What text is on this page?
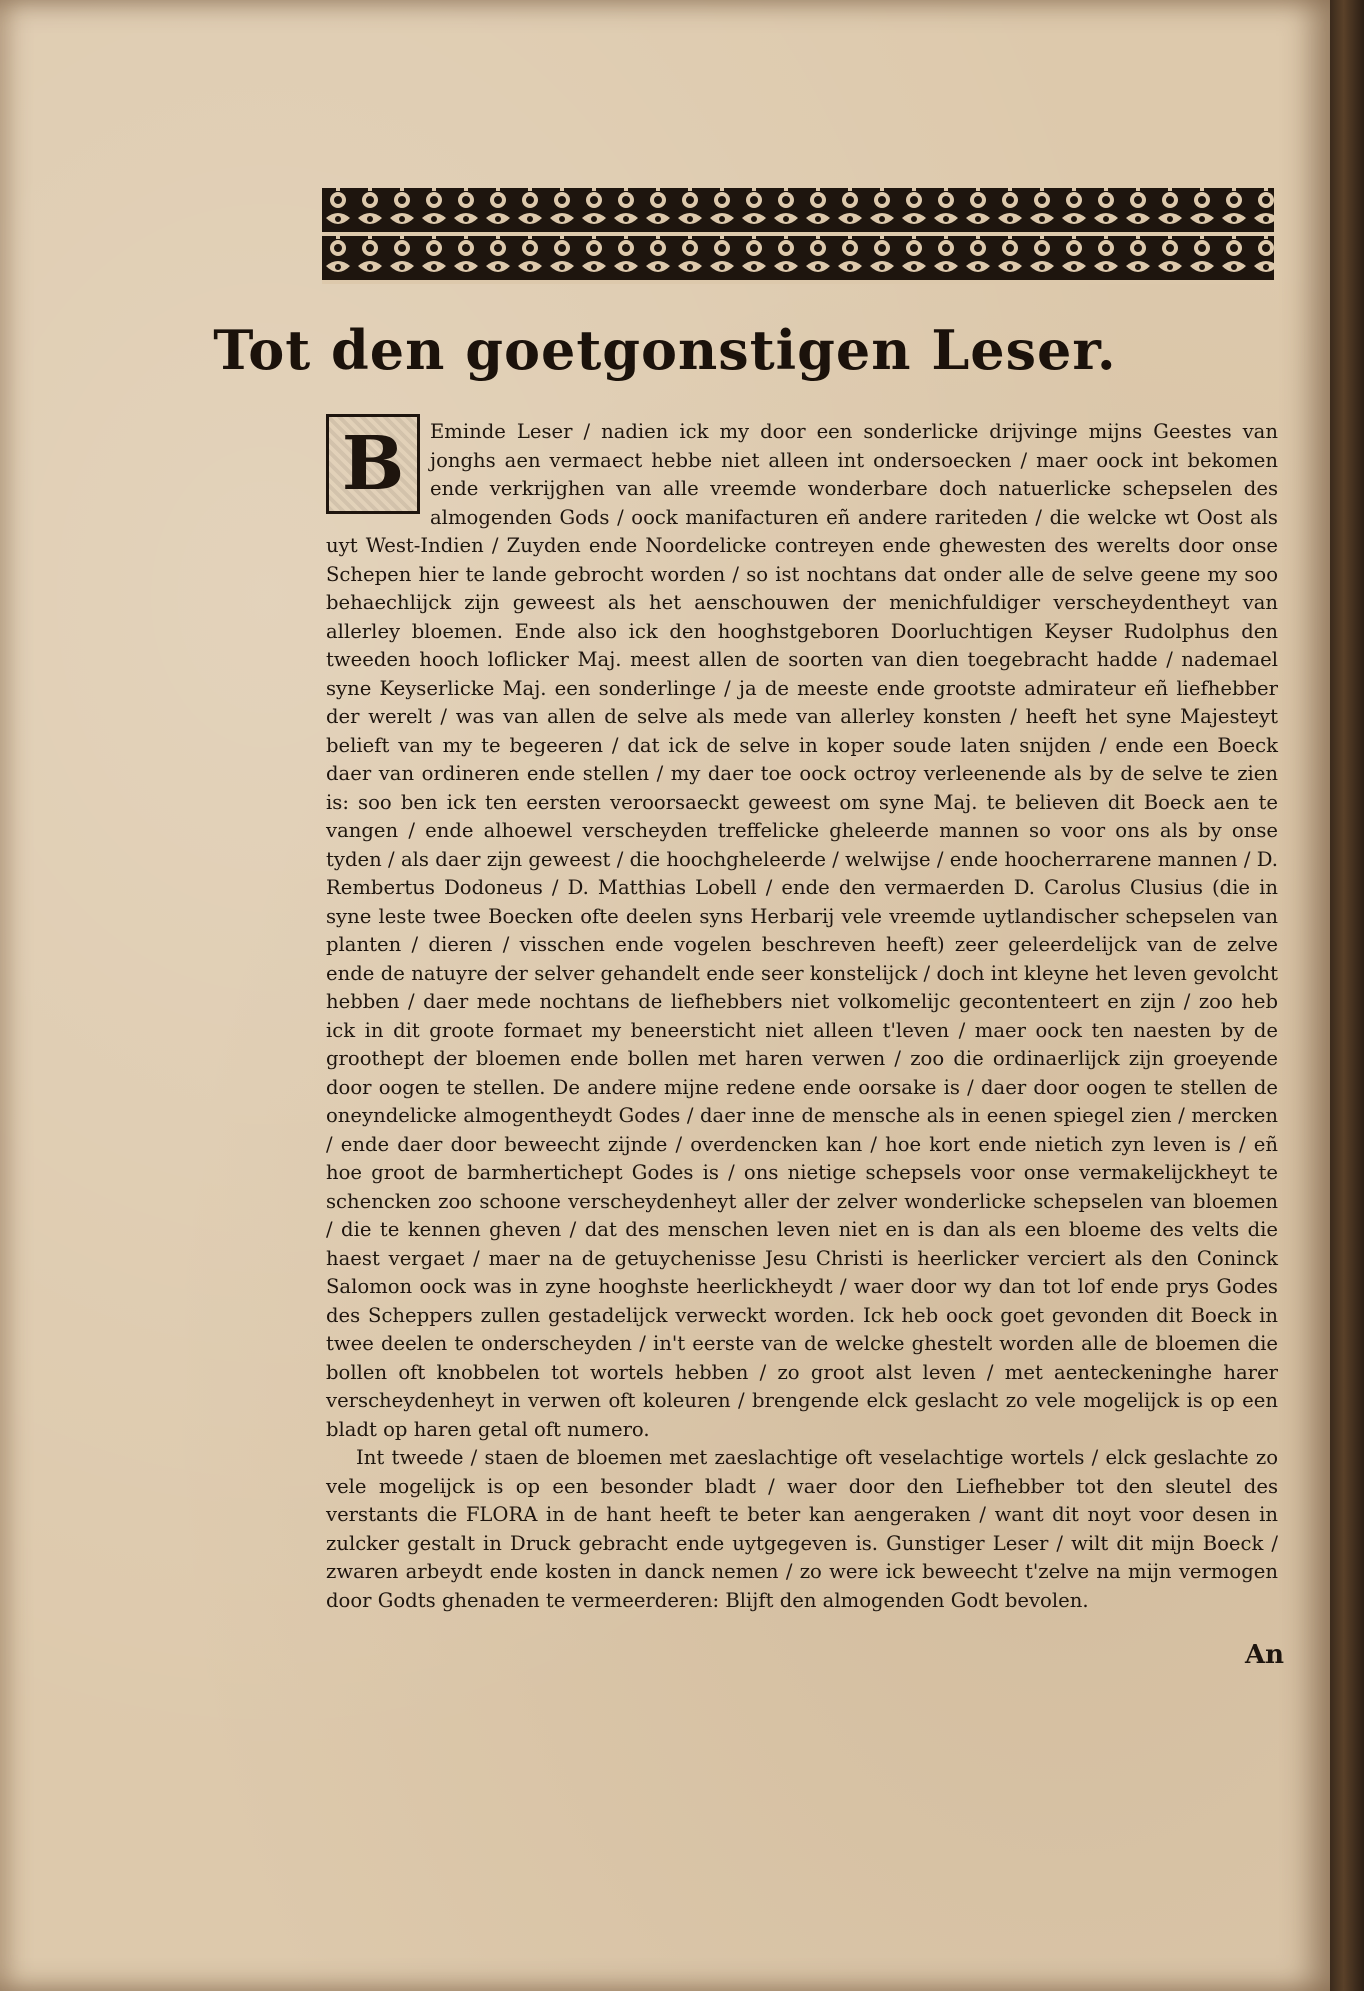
Tot den goetgonstigen Leser.

B	Eminde Leser / nadien ick my door een sonderlicke drijvinge mijns Geestes van jonghs aen vermaect hebbe niet alleen int ondersoecken / maer oock int bekomen ende verkrijghen van alle vreemde wonderbare doch natuerlicke schepselen des almogenden Gods / oock manifacturen eñ andere rariteden / die welcke wt Oost als uyt West-Indien / Zuyden ende Noordelicke contreyen ende ghewesten des werelts door onse Schepen hier te lande gebrocht worden / so ist nochtans dat onder alle de selve geene my soo behaechlijck zijn geweest als het aenschouwen der menichfuldiger verscheydentheyt van allerley bloemen. Ende also ick den hooghstgeboren Doorluchtigen Keyser Rudolphus den tweeden hooch loflicker Maj. meest allen de soorten van dien toegebracht hadde / nademael syne Keyserlicke Maj. een sonderlinge / ja de meeste ende grootste admirateur eñ liefhebber der werelt / was van allen de selve als mede van allerley konsten / heeft het syne Majesteyt belieft van my te begeeren / dat ick de selve in koper soude laten snijden / ende een Boeck daer van ordineren ende stellen / my daer toe oock octroy verleenende als by de selve te zien is: soo ben ick ten eersten veroorsaeckt geweest om syne Maj. te believen dit Boeck aen te vangen / ende alhoewel verscheyden treffelicke gheleerde mannen so voor ons als by onse tyden / als daer zijn geweest / die hoochgheleerde / welwijse / ende hoocherrarene mannen / D. Rembertus Dodoneus / D. Matthias Lobell / ende den vermaerden D. Carolus Clusius (die in syne leste twee Boecken ofte deelen syns Herbarij vele vreemde uytlandischer schepselen van planten / dieren / visschen ende vogelen beschreven heeft) zeer geleerdelijck van de zelve ende de natuyre der selver gehandelt ende seer konstelijck / doch int kleyne het leven gevolcht hebben / daer mede nochtans de liefhebbers niet volkomelijc gecontenteert en zijn / zoo heb ick in dit groote formaet my beneersticht niet alleen t'leven / maer oock ten naesten by de groothept der bloemen ende bollen met haren verwen / zoo die ordinaerlijck zijn groeyende door oogen te stellen. De andere mijne redene ende oorsake is / daer door oogen te stellen de oneyndelicke almogentheydt Godes / daer inne de mensche als in eenen spiegel zien / mercken / ende daer door beweecht zijnde / overdencken kan / hoe kort ende nietich zyn leven is / eñ hoe groot de barmhertichept Godes is / ons nietige schepsels voor onse vermakelijckheyt te schencken zoo schoone verscheydenheyt aller der zelver wonderlicke schepselen van bloemen / die te kennen gheven / dat des menschen leven niet en is dan als een bloeme des velts die haest vergaet / maer na de getuychenisse Jesu Christi is heerlicker verciert als den Coninck Salomon oock was in zyne hooghste heerlickheydt / waer door wy dan tot lof ende prys Godes des Scheppers zullen gestadelijck verweckt worden. Ick heb oock goet gevonden dit Boeck in twee deelen te onderscheyden / in't eerste van de welcke ghestelt worden alle de bloemen die bollen oft knobbelen tot wortels hebben / zo groot alst leven / met aenteckeninghe harer verscheydenheyt in verwen oft koleuren / brengende elck geslacht zo vele mogelijck is op een bladt op haren getal oft numero.

Int tweede / staen de bloemen met zaeslachtige oft veselachtige wortels / elck geslachte zo vele mogelijck is op een besonder bladt / waer door den Liefhebber tot den sleutel des verstants die FLORA in de hant heeft te beter kan aengeraken / want dit noyt voor desen in zulcker gestalt in Druck gebracht ende uytgegeven is. Gunstiger Leser / wilt dit mijn Boeck / zwaren arbeydt ende kosten in danck nemen / zo were ick beweecht t'zelve na mijn vermogen door Godts ghenaden te vermeerderen: Blijft den almogenden Godt bevolen.

An
